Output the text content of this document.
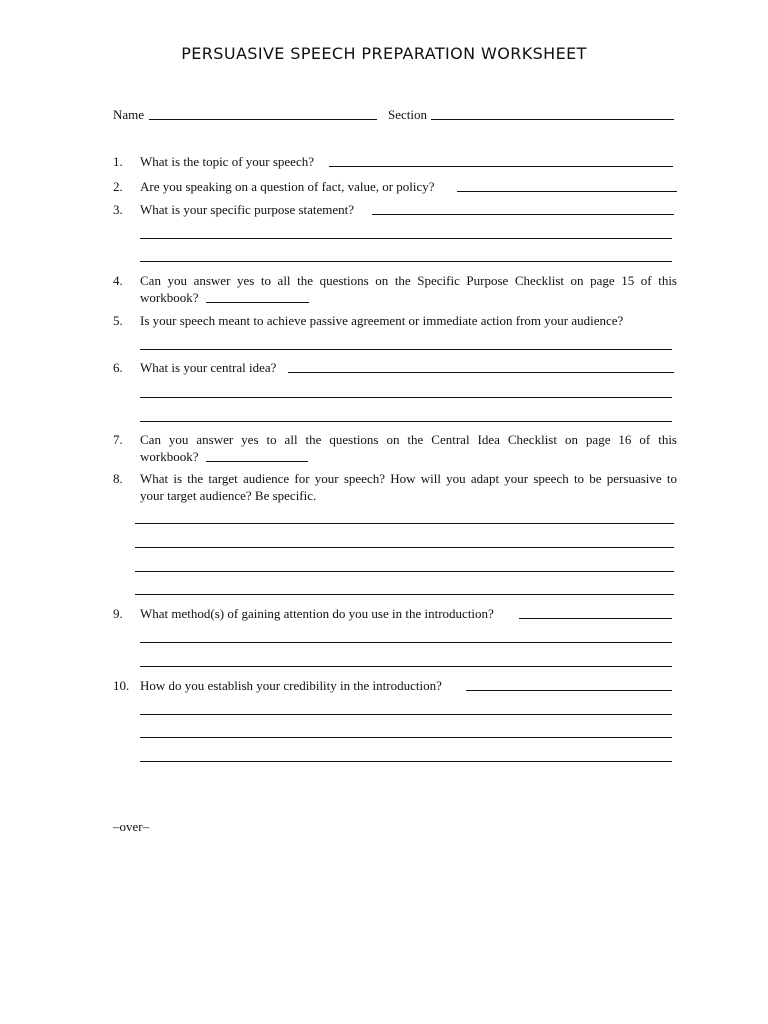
PERSUASIVE SPEECH PREPARATION WORKSHEET
Name	Section
1. What is the topic of your speech?
2. Are you speaking on a question of fact, value, or policy?
3. What is your specific purpose statement?
4. Can you answer yes to all the questions on the Specific Purpose Checklist on page 15 of this
workbook?
5. Is your speech meant to achieve passive agreement or immediate action from your audience?
6. What is your central idea?
7. Can you answer yes to all the questions on the Central Idea Checklist on page 16 of this
workbook?
8. What is the target audience for your speech? How will you adapt your speech to be persuasive to
your target audience? Be specific.
9. What method(s) of gaining attention do you use in the introduction?
10. How do you establish your credibility in the introduction?
–over–
